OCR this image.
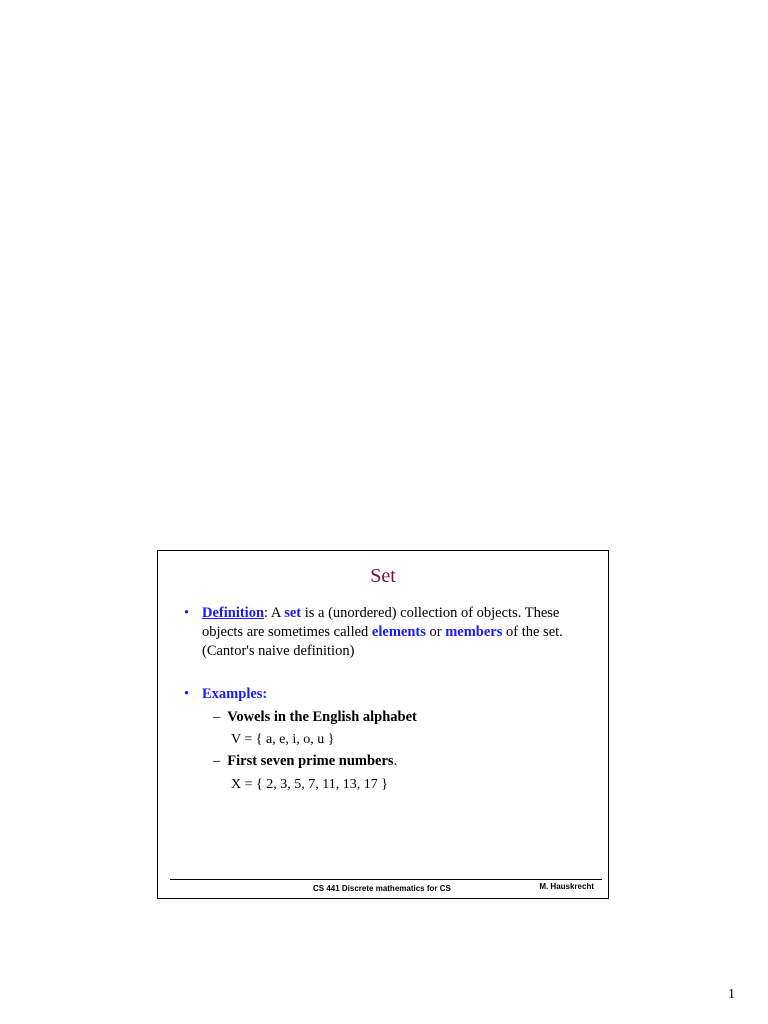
Set
• Definition: A set is a (unordered) collection of objects. These objects are sometimes called elements or members of the set. (Cantor's naive definition)
• Examples:
– Vowels in the English alphabet
V = { a, e, i, o, u }
– First seven prime numbers.
X = { 2, 3, 5, 7, 11, 13, 17 }
CS 441 Discrete mathematics for CS	M. Hauskrecht
1
